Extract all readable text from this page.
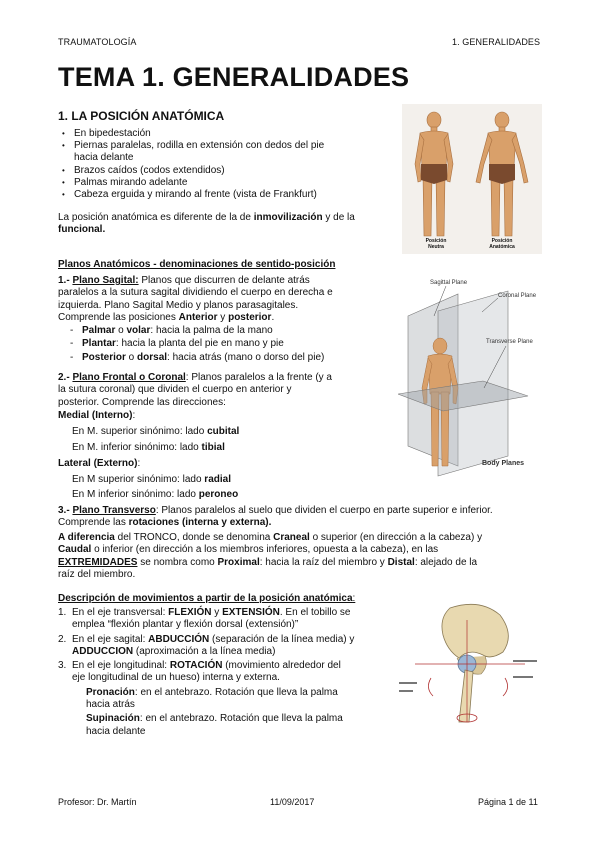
TRAUMATOLOGÍA	1. GENERALIDADES
TEMA 1. GENERALIDADES
1. LA POSICIÓN ANATÓMICA
• En bipedestación
• Piernas paralelas, rodilla en extensión con dedos del pie
hacia delante
• Brazos caídos (codos extendidos)
• Palmas mirando adelante
• Cabeza erguida y mirando al frente (vista de Frankfurt)
La posición anatómica es diferente de la de inmovilización y de la
funcional.
Posición
Neutra
Posición
Anatómica
Planos Anatómicos - denominaciones de sentido-posición
1.- Plano Sagital: Planos que discurren de delante atrás
paralelos a la sutura sagital dividiendo el cuerpo en derecha e
izquierda. Plano Sagital Medio y planos parasagitales.
Comprende las posiciones Anterior y posterior.
- Palmar o volar: hacia la palma de la mano
- Plantar: hacia la planta del pie en mano y pie
- Posterior o dorsal: hacia atrás (mano o dorso del pie)
2.- Plano Frontal o Coronal: Planos paralelos a la frente (y a
la sutura coronal) que dividen el cuerpo en anterior y
posterior. Comprende las direcciones:
Medial (Interno):
En M. superior sinónimo: lado cubital
En M. inferior sinónimo: lado tibial
Lateral (Externo):
En M superior sinónimo: lado radial
En M inferior sinónimo: lado peroneo
3.- Plano Transverso: Planos paralelos al suelo que dividen el cuerpo en parte superior e inferior.
Comprende las rotaciones (interna y externa).
A diferencia del TRONCO, donde se denomina Craneal o superior (en dirección a la cabeza) y
Caudal o inferior (en dirección a los miembros inferiores, opuesta a la cabeza), en las
EXTREMIDADES se nombra como Proximal: hacia la raíz del miembro y Distal: alejado de la
raíz del miembro.
Sagittal Plane
Coronal Plane
Transverse Plane
Body Planes
Descripción de movimientos a partir de la posición anatómica:
1. En el eje transversal: FLEXIÓN y EXTENSIÓN. En el tobillo se
emplea “flexión plantar y flexión dorsal (extensión)”
2. En el eje sagital: ABDUCCIÓN (separación de la línea media) y
ADDUCCION (aproximación a la línea media)
3. En el eje longitudinal: ROTACIÓN (movimiento alrededor del
eje longitudinal de un hueso) interna y externa.
Pronación: en el antebrazo. Rotación que lleva la palma
hacia atrás
Supinación: en el antebrazo. Rotación que lleva la palma
hacia delante
Profesor: Dr. Martín	11/09/2017	Página 1 de 11
